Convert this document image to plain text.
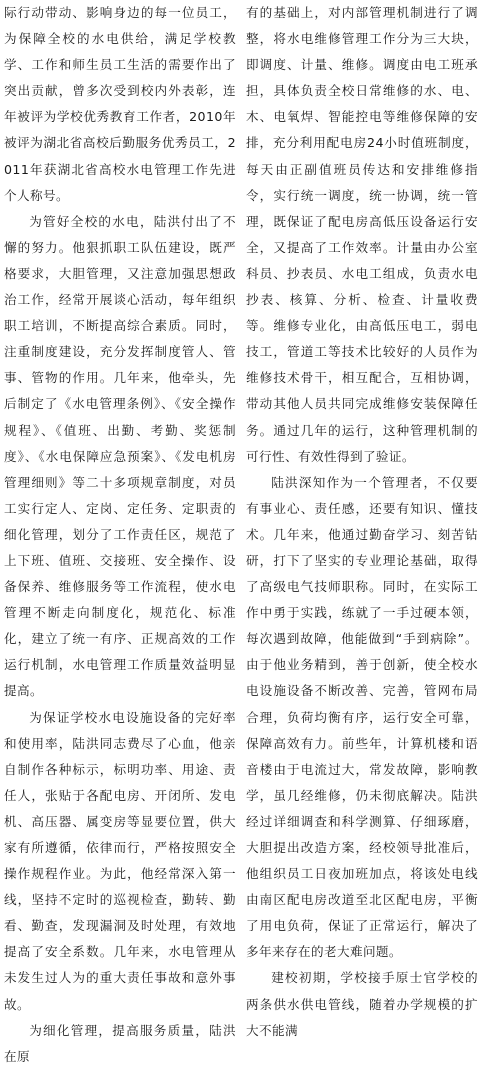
际行动带动、影响身边的每一位员工，为保障全校的水电供给，满足学校教学、工作和师生员工生活的需要作出了突出贡献，曾多次受到校内外表彰，连年被评为学校优秀教育工作者，2010年被评为湖北省高校后勤服务优秀员工，2011年获湖北省高校水电管理工作先进个人称号。

为管好全校的水电，陆洪付出了不懈的努力。他狠抓职工队伍建设，既严格要求，大胆管理，又注意加强思想政治工作，经常开展谈心活动，每年组织职工培训，不断提高综合素质。同时，注重制度建设，充分发挥制度管人、管事、管物的作用。几年来，他牵头，先后制定了《水电管理条例》、《安全操作规程》、《值班、出勤、考勤、奖惩制度》、《水电保障应急预案》、《发电机房管理细则》等二十多项规章制度，对员工实行定人、定岗、定任务、定职责的细化管理，划分了工作责任区，规范了上下班、值班、交接班、安全操作、设备保养、维修服务等工作流程，使水电管理不断走向制度化，规范化、标准化，建立了统一有序、正规高效的工作运行机制，水电管理工作质量效益明显提高。

为保证学校水电设施设备的完好率和使用率，陆洪同志费尽了心血，他亲自制作各种标示，标明功率、用途、责任人，张贴于各配电房、开闭所、发电机、高压器、属变房等显要位置，供大家有所遵循，依律而行，严格按照安全操作规程作业。为此，他经常深入第一线，坚持不定时的巡视检查，勤转、勤看、勤查，发现漏洞及时处理，有效地提高了安全系数。几年来，水电管理从未发生过人为的重大责任事故和意外事故。

为细化管理，提高服务质量，陆洪在原

有的基础上，对内部管理机制进行了调整，将水电维修管理工作分为三大块，即调度、计量、维修。调度由电工班承担，具体负责全校日常维修的水、电、木、电氧焊、智能控电等维修保障的安排，充分利用配电房24小时值班制度，每天由正副值班员传达和安排维修指令，实行统一调度，统一协调，统一管理，既保证了配电房高低压设备运行安全，又提高了工作效率。计量由办公室科员、抄表员、水电工组成，负责水电抄表、核算、分析、检查、计量收费等。维修专业化，由高低压电工，弱电技工，管道工等技术比较好的人员作为维修技术骨干，相互配合，互相协调，带动其他人员共同完成维修安装保障任务。通过几年的运行，这种管理机制的可行性、有效性得到了验证。

陆洪深知作为一个管理者，不仅要有事业心、责任感，还要有知识、懂技术。几年来，他通过勤奋学习、刻苦钻研，打下了坚实的专业理论基础，取得了高级电气技师职称。同时，在实际工作中勇于实践，练就了一手过硬本领，每次遇到故障，他能做到“手到病除”。由于他业务精到，善于创新，使全校水电设施设备不断改善、完善，管网布局合理，负荷均衡有序，运行安全可靠，保障高效有力。前些年，计算机楼和语音楼由于电流过大，常发故障，影响教学，虽几经维修，仍未彻底解决。陆洪经过详细调查和科学测算、仔细琢磨，大胆提出改造方案，经校领导批准后，他组织员工日夜加班加点，将该处电线由南区配电房改道至北区配电房，平衡了用电负荷，保证了正常运行，解决了多年来存在的老大难问题。

建校初期，学校接手原士官学校的两条供水供电管线，随着办学规模的扩大不能满
